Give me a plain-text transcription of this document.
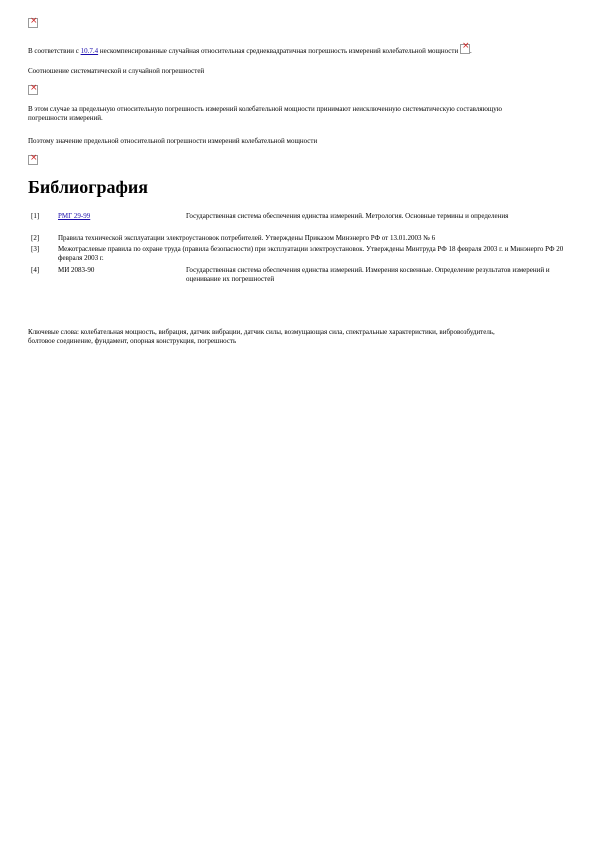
×

В соответствии с 10.7.4 нескомпенсированные случайная относительная среднеквадратичная погрешность измерений колебательной мощности × .

Соотношение систематической и случайной погрешностей

×

В этом случае за предельную относительную погрешность измерений колебательной мощности принимают неисключенную систематическую составляющую погрешности измерений.

Поэтому значение предельной относительной погрешности измерений колебательной мощности

×
Библиография
[1]	РМГ 29-99	Государственная система обеспечения единства измерений. Метрология. Основные термины и определения
[2]	Правила технической эксплуатации электроустановок потребителей. Утверждены Приказом Минэнерго РФ от 13.01.2003 № 6
[3]	Межотраслевые правила по охране труда (правила безопасности) при эксплуатации электроустановок. Утверждены Минтруда РФ 18 февраля 2003 г. и Минэнерго РФ 20 февраля 2003 г.
[4]	МИ 2083-90	Государственная система обеспечения единства измерений. Измерения косвенные. Определение результатов измерений и оценивание их погрешностей

Ключевые слова: колебательная мощность, вибрация, датчик вибрации, датчик силы, возмущающая сила, спектральные характеристики, вибровозбудитель, болтовое соединение, фундамент, опорная конструкция, погрешность
